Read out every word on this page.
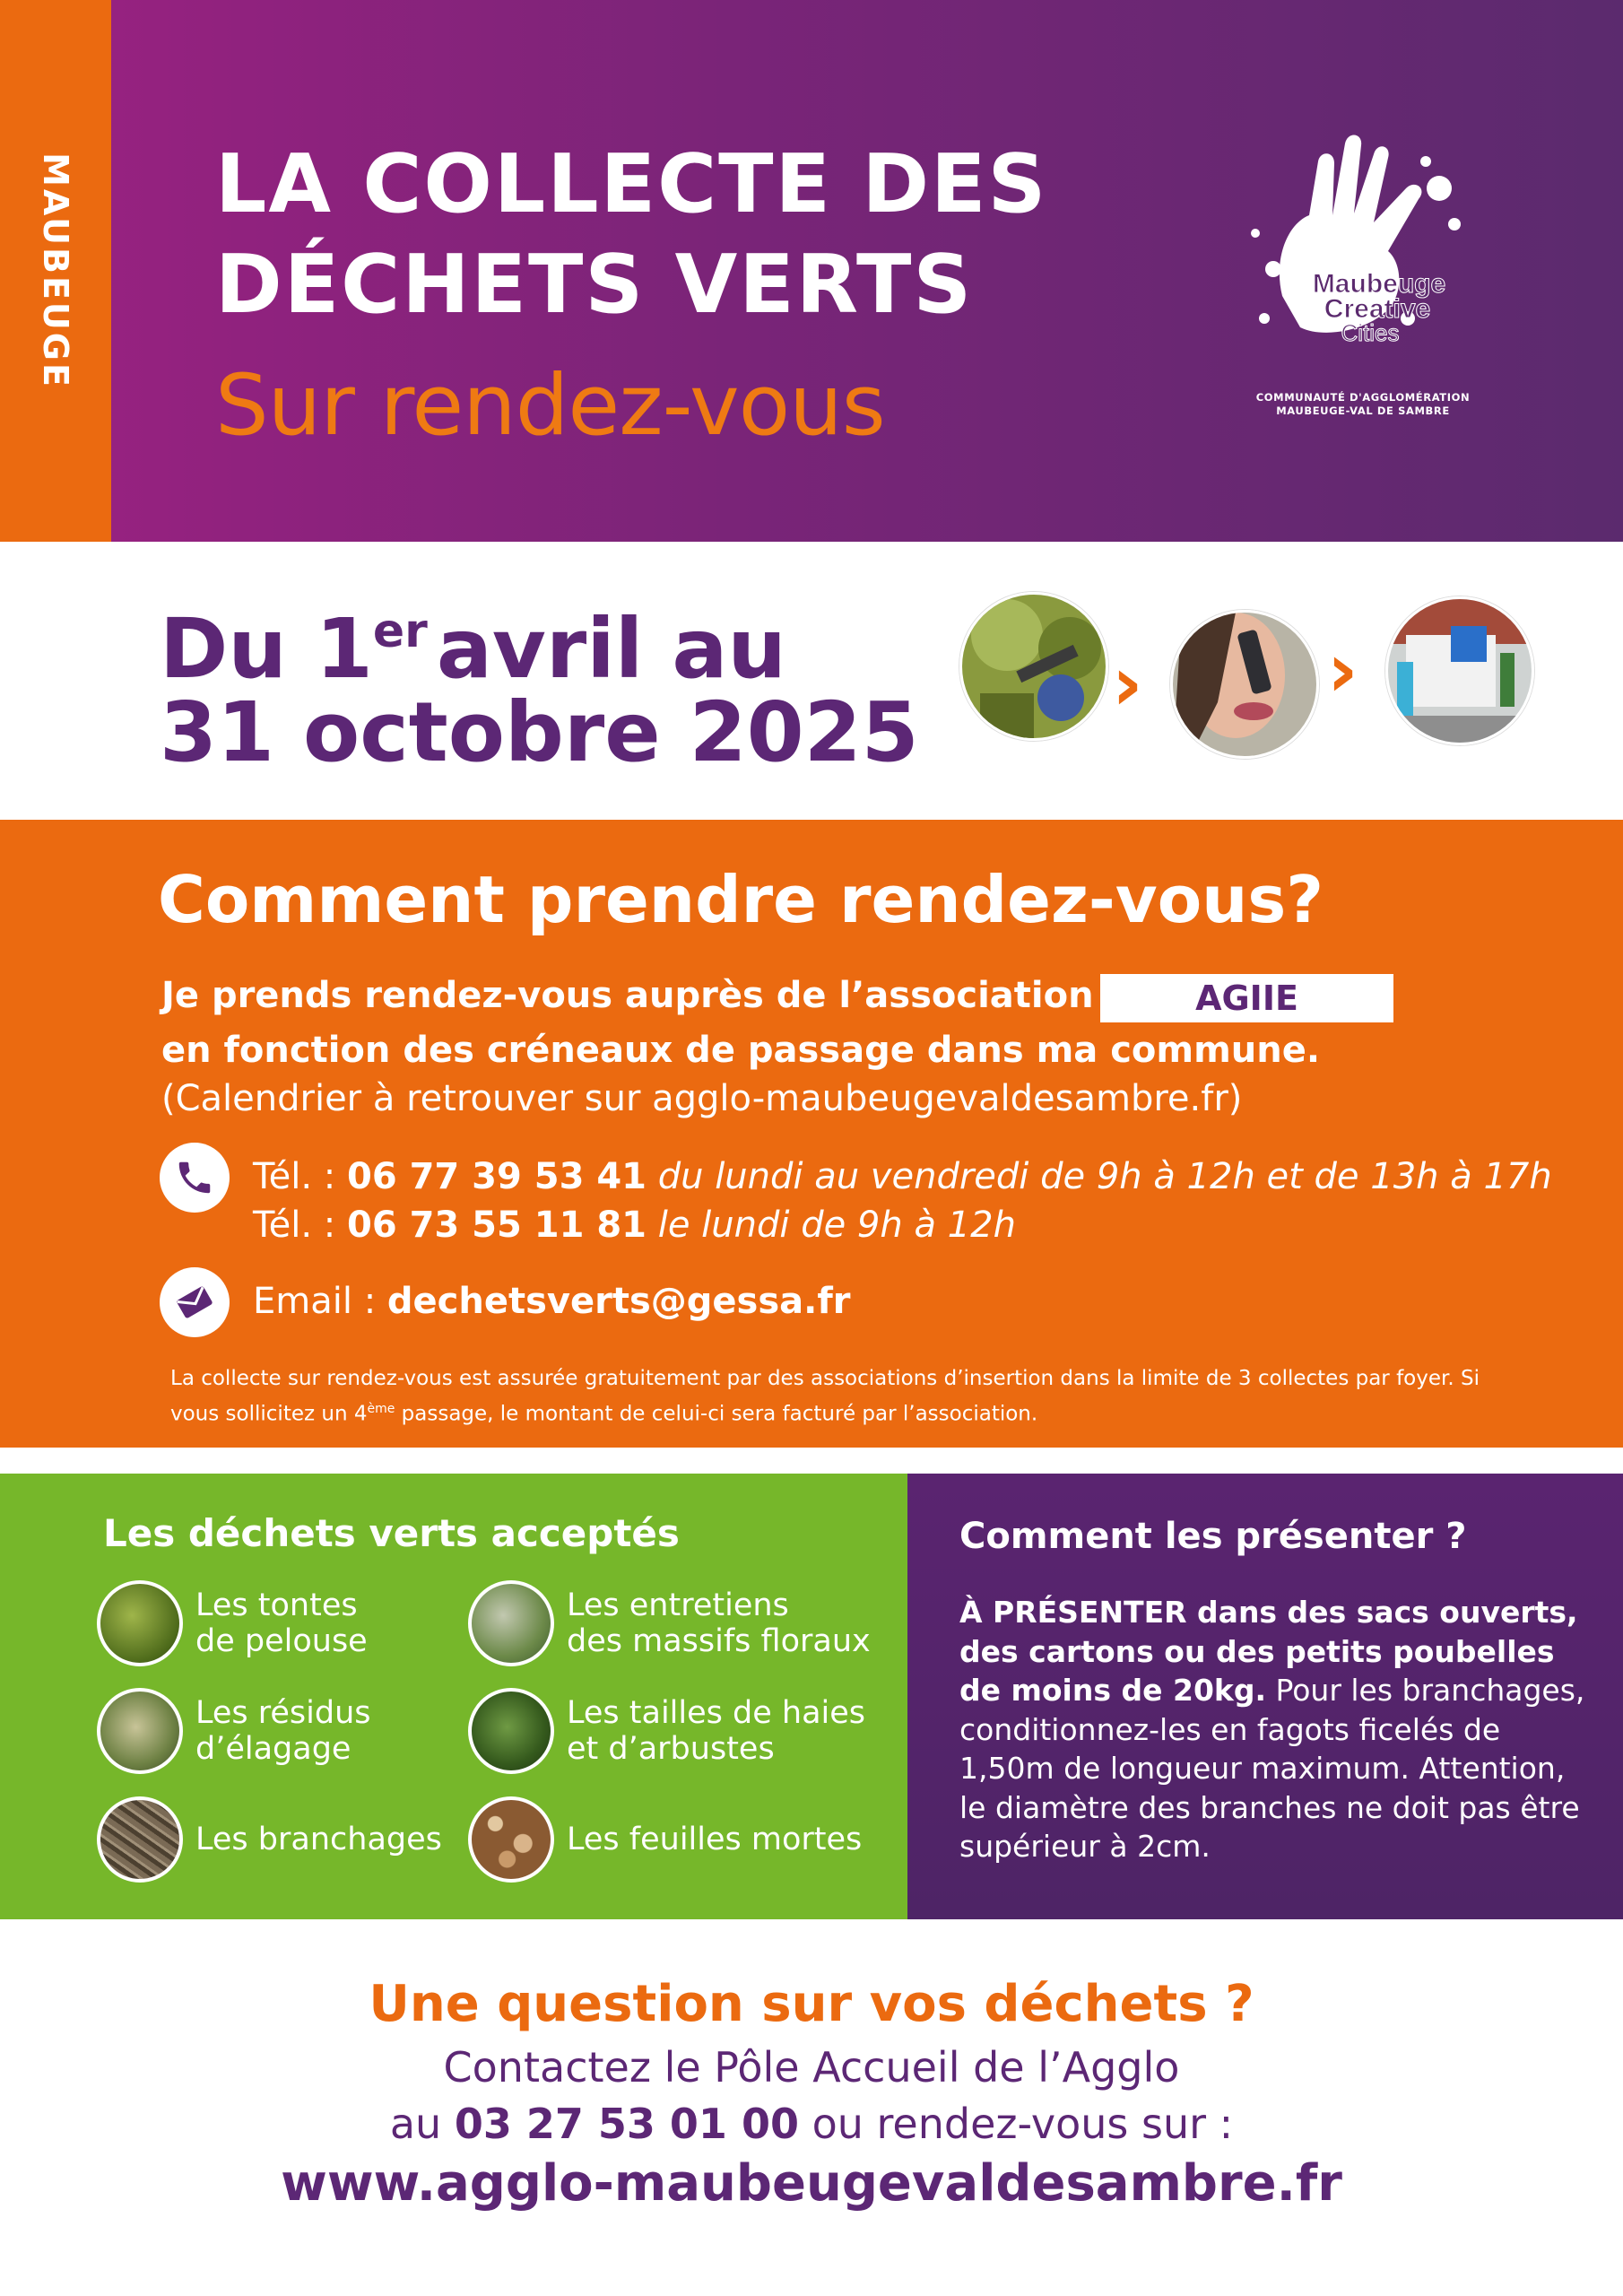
MAUBEUGE LA COLLECTE DES
DÉCHETS VERTS
Sur rendez-vous
Maubeuge
Creative
Cities
COMMUNAUTÉ D'AGGLOMÉRATION
MAUBEUGE-VAL DE SAMBRE
Du 1er avril au
31 octobre 2025
› ›
Comment prendre rendez-vous?
Je prends rendez-vous auprès de l’association	AGIIE
en fonction des créneaux de passage dans ma commune.
(Calendrier à retrouver sur agglo-maubeugevaldesambre.fr)
Tél. : 06 77 39 53 41 du lundi au vendredi de 9h à 12h et de 13h à 17h
Tél. : 06 73 55 11 81 le lundi de 9h à 12h
Email : dechetsverts@gessa.fr
La collecte sur rendez-vous est assurée gratuitement par des associations d’insertion dans la limite de 3 collectes par foyer. Si vous sollicitez un 4ème passage, le montant de celui-ci sera facturé par l’association.
Les déchets verts acceptés
Les tontes
de pelouse
Les entretiens
des massifs floraux
Les résidus
d’élagage
Les tailles de haies
et d’arbustes
Les branchages	Les feuilles mortes
Comment les présenter ?
À PRÉSENTER dans des sacs ouverts, des cartons ou des petits poubelles de moins de 20kg. Pour les branchages, conditionnez-les en fagots ficelés de 1,50m de longueur maximum. Attention, le diamètre des branches ne doit pas être supérieur à 2cm.
Une question sur vos déchets ?
Contactez le Pôle Accueil de l’Agglo
au 03 27 53 01 00 ou rendez-vous sur :
www.agglo-maubeugevaldesambre.fr
